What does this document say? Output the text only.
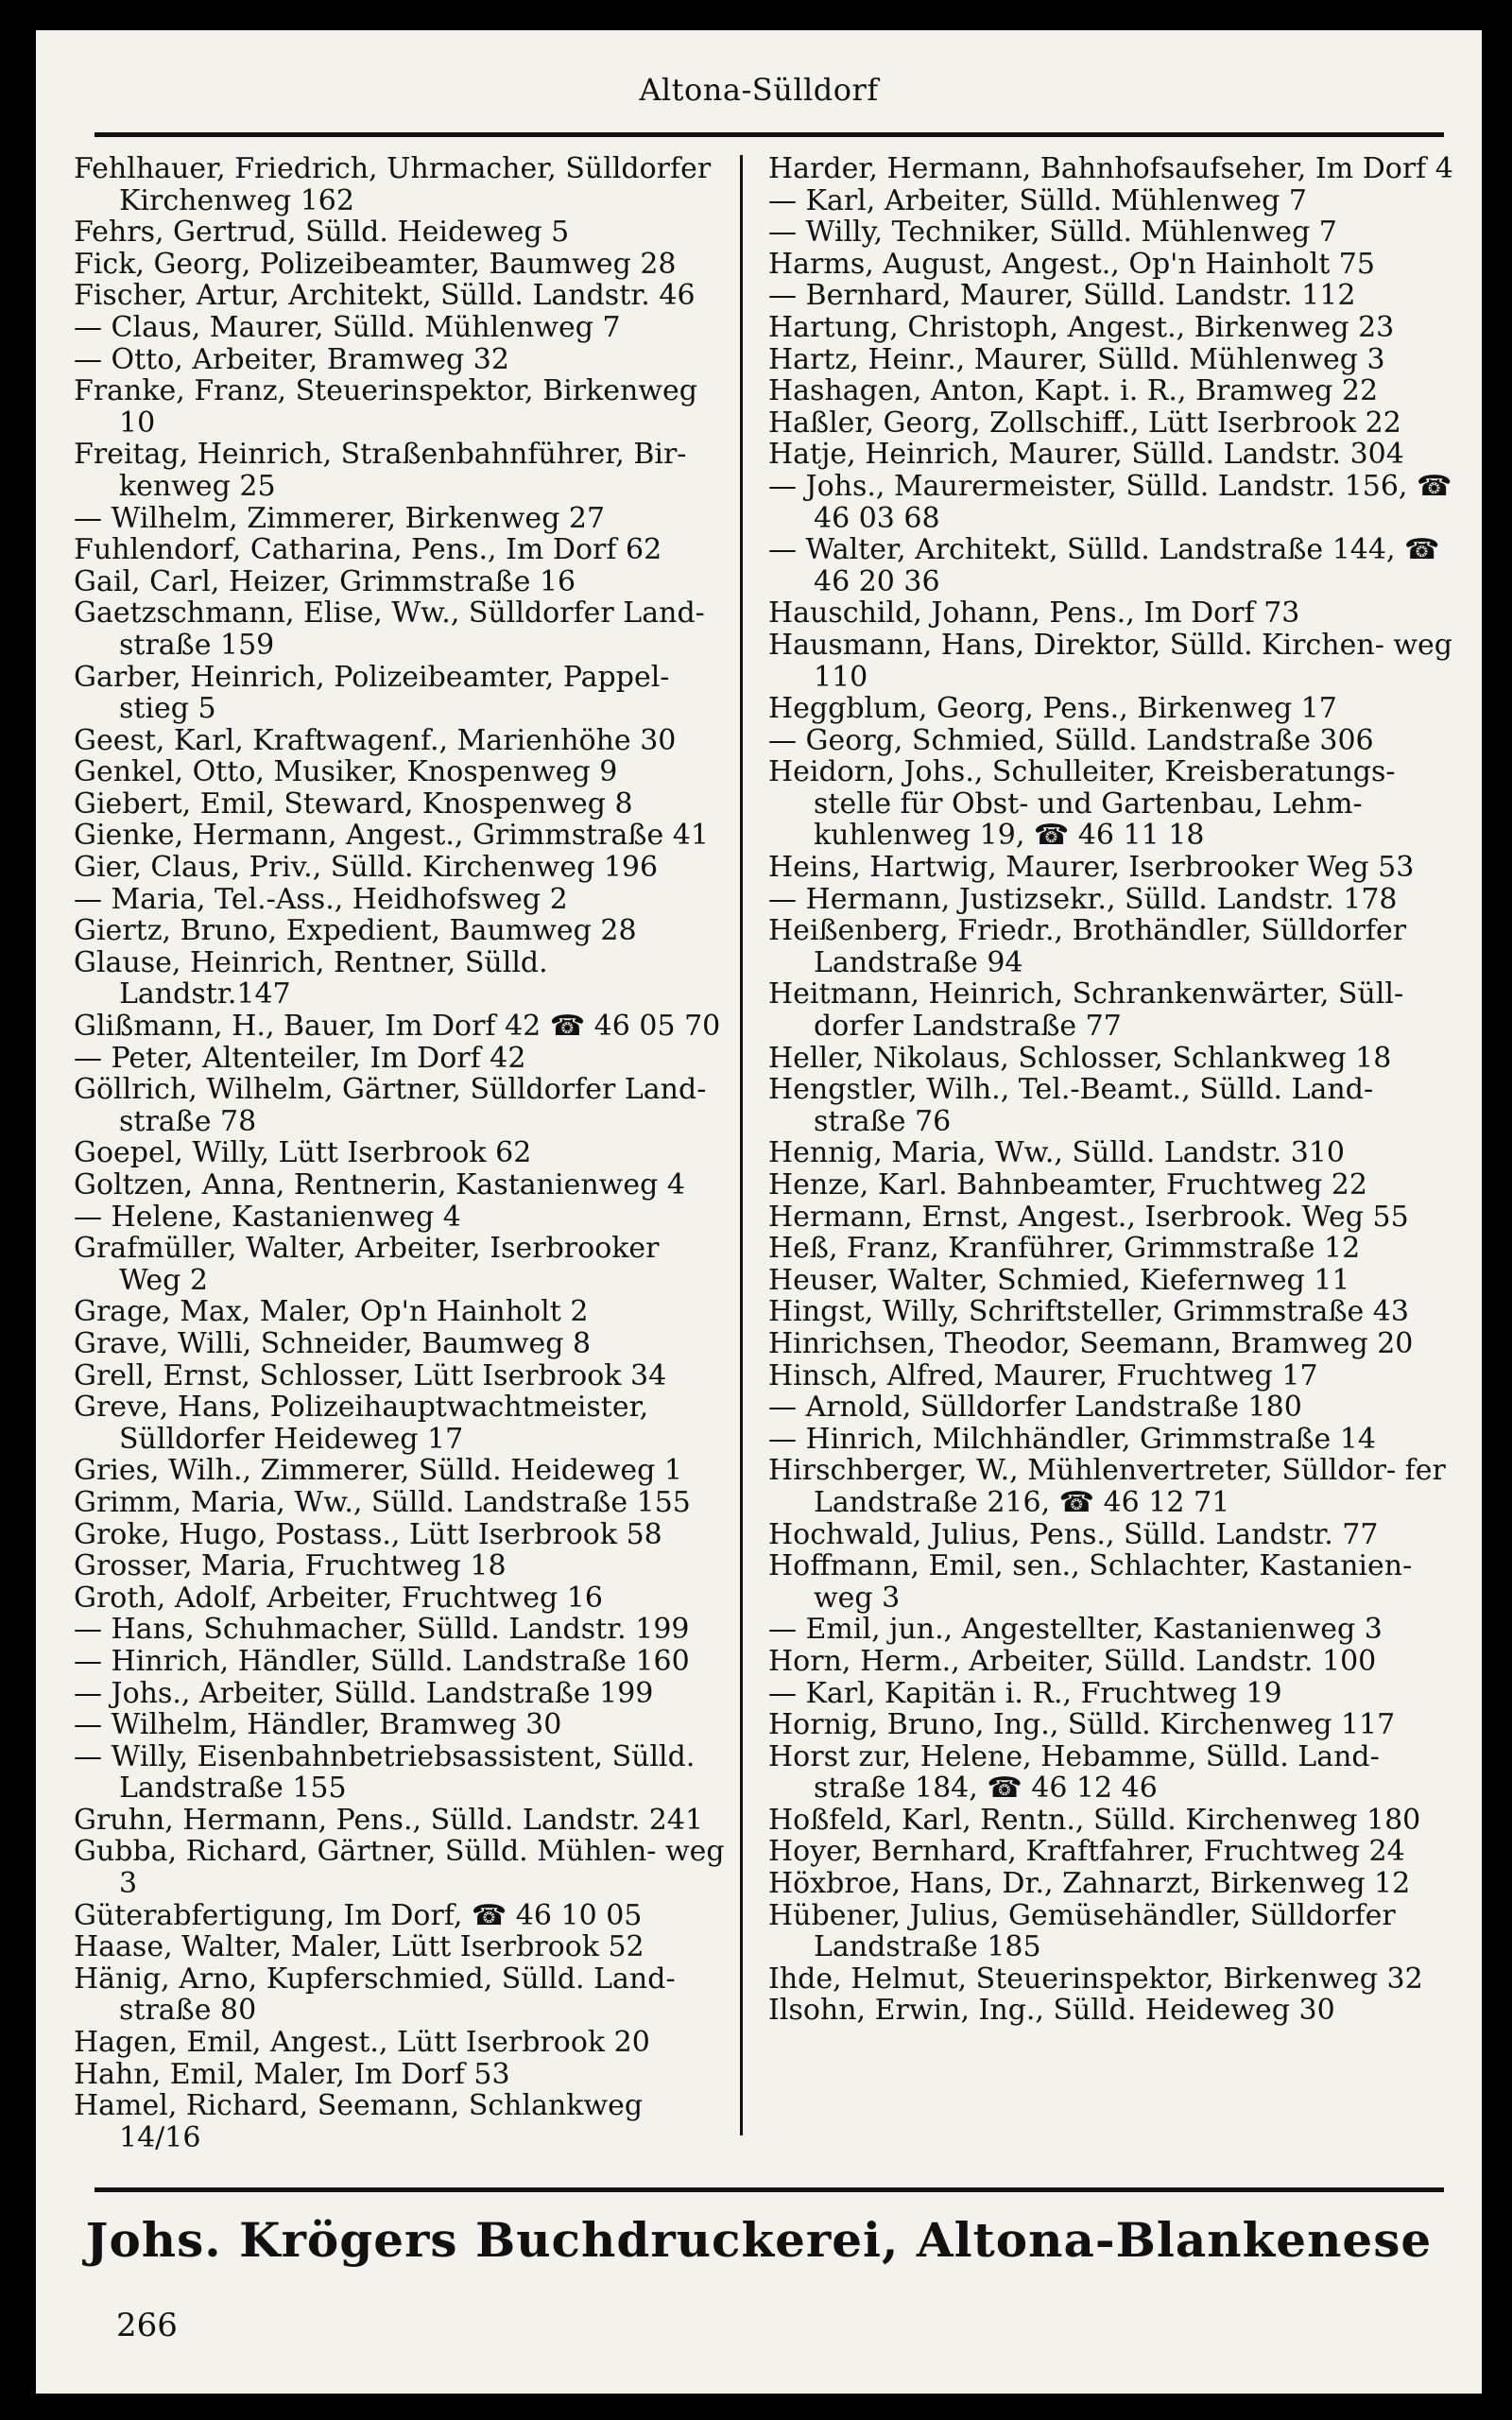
Altona-Sülldorf

Fehlhauer, Friedrich, Uhrmacher, Sülldorfer Kirchenweg 162

Fehrs, Gertrud, Sülld. Heideweg 5

Fick, Georg, Polizeibeamter, Baumweg 28

Fischer, Artur, Architekt, Sülld. Landstr. 46

— Claus, Maurer, Sülld. Mühlenweg 7

— Otto, Arbeiter, Bramweg 32

Franke, Franz, Steuerinspektor, Birkenweg 10

Freitag, Heinrich, Straßenbahnführer, Bir- kenweg 25

— Wilhelm, Zimmerer, Birkenweg 27

Fuhlendorf, Catharina, Pens., Im Dorf 62

Gail, Carl, Heizer, Grimmstraße 16

Gaetzschmann, Elise, Ww., Sülldorfer Land- straße 159

Garber, Heinrich, Polizeibeamter, Pappel- stieg 5

Geest, Karl, Kraftwagenf., Marienhöhe 30

Genkel, Otto, Musiker, Knospenweg 9

Giebert, Emil, Steward, Knospenweg 8

Gienke, Hermann, Angest., Grimmstraße 41

Gier, Claus, Priv., Sülld. Kirchenweg 196

— Maria, Tel.-Ass., Heidhofsweg 2

Giertz, Bruno, Expedient, Baumweg 28

Glause, Heinrich, Rentner, Sülld. Landstr.147

Glißmann, H., Bauer, Im Dorf 42 ☎ 46 05 70

— Peter, Altenteiler, Im Dorf 42

Göllrich, Wilhelm, Gärtner, Sülldorfer Land- straße 78

Goepel, Willy, Lütt Iserbrook 62

Goltzen, Anna, Rentnerin, Kastanienweg 4

— Helene, Kastanienweg 4

Grafmüller, Walter, Arbeiter, Iserbrooker Weg 2

Grage, Max, Maler, Op'n Hainholt 2

Grave, Willi, Schneider, Baumweg 8

Grell, Ernst, Schlosser, Lütt Iserbrook 34

Greve, Hans, Polizeihauptwachtmeister, Sülldorfer Heideweg 17

Gries, Wilh., Zimmerer, Sülld. Heideweg 1

Grimm, Maria, Ww., Sülld. Landstraße 155

Groke, Hugo, Postass., Lütt Iserbrook 58

Grosser, Maria, Fruchtweg 18

Groth, Adolf, Arbeiter, Fruchtweg 16

— Hans, Schuhmacher, Sülld. Landstr. 199

— Hinrich, Händler, Sülld. Landstraße 160

— Johs., Arbeiter, Sülld. Landstraße 199

— Wilhelm, Händler, Bramweg 30

— Willy, Eisenbahnbetriebsassistent, Sülld. Landstraße 155

Gruhn, Hermann, Pens., Sülld. Landstr. 241

Gubba, Richard, Gärtner, Sülld. Mühlen- weg 3

Güterabfertigung, Im Dorf, ☎ 46 10 05

Haase, Walter, Maler, Lütt Iserbrook 52

Hänig, Arno, Kupferschmied, Sülld. Land- straße 80

Hagen, Emil, Angest., Lütt Iserbrook 20

Hahn, Emil, Maler, Im Dorf 53

Hamel, Richard, Seemann, Schlankweg 14/16

Harder, Hermann, Bahnhofsaufseher, Im Dorf 4

— Karl, Arbeiter, Sülld. Mühlenweg 7

— Willy, Techniker, Sülld. Mühlenweg 7

Harms, August, Angest., Op'n Hainholt 75

— Bernhard, Maurer, Sülld. Landstr. 112

Hartung, Christoph, Angest., Birkenweg 23

Hartz, Heinr., Maurer, Sülld. Mühlenweg 3

Hashagen, Anton, Kapt. i. R., Bramweg 22

Haßler, Georg, Zollschiff., Lütt Iserbrook 22

Hatje, Heinrich, Maurer, Sülld. Landstr. 304

— Johs., Maurermeister, Sülld. Landstr. 156, ☎ 46 03 68

— Walter, Architekt, Sülld. Landstraße 144, ☎ 46 20 36

Hauschild, Johann, Pens., Im Dorf 73

Hausmann, Hans, Direktor, Sülld. Kirchen- weg 110

Heggblum, Georg, Pens., Birkenweg 17

— Georg, Schmied, Sülld. Landstraße 306

Heidorn, Johs., Schulleiter, Kreisberatungs- stelle für Obst- und Gartenbau, Lehm- kuhlenweg 19, ☎ 46 11 18

Heins, Hartwig, Maurer, Iserbrooker Weg 53

— Hermann, Justizsekr., Sülld. Landstr. 178

Heißenberg, Friedr., Brothändler, Sülldorfer Landstraße 94

Heitmann, Heinrich, Schrankenwärter, Süll- dorfer Landstraße 77

Heller, Nikolaus, Schlosser, Schlankweg 18

Hengstler, Wilh., Tel.-Beamt., Sülld. Land- straße 76

Hennig, Maria, Ww., Sülld. Landstr. 310

Henze, Karl. Bahnbeamter, Fruchtweg 22

Hermann, Ernst, Angest., Iserbrook. Weg 55

Heß, Franz, Kranführer, Grimmstraße 12

Heuser, Walter, Schmied, Kiefernweg 11

Hingst, Willy, Schriftsteller, Grimmstraße 43

Hinrichsen, Theodor, Seemann, Bramweg 20

Hinsch, Alfred, Maurer, Fruchtweg 17

— Arnold, Sülldorfer Landstraße 180

— Hinrich, Milchhändler, Grimmstraße 14

Hirschberger, W., Mühlenvertreter, Sülldor- fer Landstraße 216, ☎ 46 12 71

Hochwald, Julius, Pens., Sülld. Landstr. 77

Hoffmann, Emil, sen., Schlachter, Kastanien- weg 3

— Emil, jun., Angestellter, Kastanienweg 3

Horn, Herm., Arbeiter, Sülld. Landstr. 100

— Karl, Kapitän i. R., Fruchtweg 19

Hornig, Bruno, Ing., Sülld. Kirchenweg 117

Horst zur, Helene, Hebamme, Sülld. Land- straße 184, ☎ 46 12 46

Hoßfeld, Karl, Rentn., Sülld. Kirchenweg 180

Hoyer, Bernhard, Kraftfahrer, Fruchtweg 24

Höxbroe, Hans, Dr., Zahnarzt, Birkenweg 12

Hübener, Julius, Gemüsehändler, Sülldorfer Landstraße 185

Ihde, Helmut, Steuerinspektor, Birkenweg 32

Ilsohn, Erwin, Ing., Sülld. Heideweg 30

Johs. Krögers Buchdruckerei, Altona-Blankenese
266
